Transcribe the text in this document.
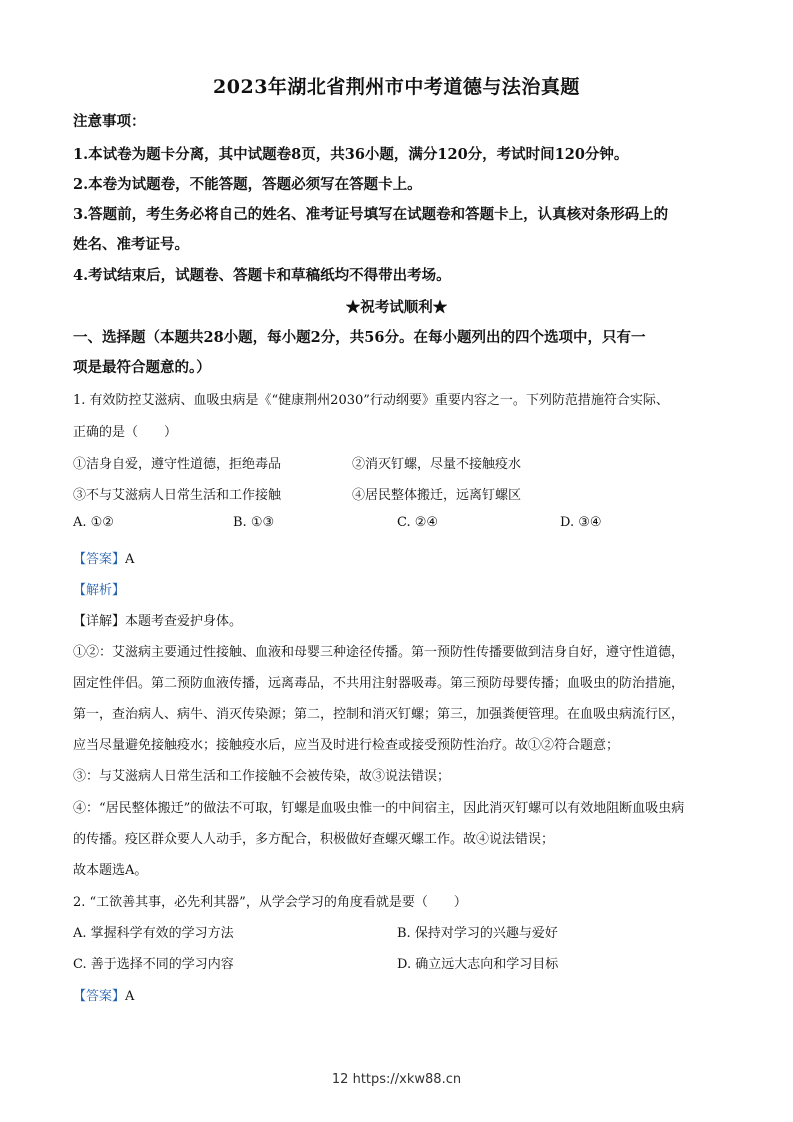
2023年湖北省荆州市中考道德与法治真题
注意事项：
1.本试卷为题卡分离，其中试题卷8页，共36小题，满分120分，考试时间120分钟。
2.本卷为试题卷，不能答题，答题必须写在答题卡上。
3.答题前，考生务必将自己的姓名、准考证号填写在试题卷和答题卡上，认真核对条形码上的
姓名、准考证号。
4.考试结束后，试题卷、答题卡和草稿纸均不得带出考场。
★祝考试顺利★
一、选择题（本题共28小题，每小题2分，共56分。在每小题列出的四个选项中，只有一
项是最符合题意的。）
1. 有效防控艾滋病、血吸虫病是《“健康荆州2030”行动纲要》重要内容之一。下列防范措施符合实际、
正确的是（　　）
①洁身自爱，遵守性道德，拒绝毒品	②消灭钉螺，尽量不接触疫水
③不与艾滋病人日常生活和工作接触	④居民整体搬迁，远离钉螺区
A. ①②	B. ①③	C. ②④	D. ③④
【答案】A
【解析】
【详解】本题考查爱护身体。
①②：艾滋病主要通过性接触、血液和母婴三种途径传播。第一预防性传播要做到洁身自好，遵守性道德，
固定性伴侣。第二预防血液传播，远离毒品，不共用注射器吸毒。第三预防母婴传播；血吸虫的防治措施，
第一，查治病人、病牛、消灭传染源；第二，控制和消灭钉螺；第三，加强粪便管理。在血吸虫病流行区，
应当尽量避免接触疫水；接触疫水后，应当及时进行检查或接受预防性治疗。故①②符合题意；
③：与艾滋病人日常生活和工作接触不会被传染，故③说法错误；
④：“居民整体搬迁”的做法不可取，钉螺是血吸虫惟一的中间宿主，因此消灭钉螺可以有效地阻断血吸虫病
的传播。疫区群众要人人动手，多方配合，积极做好查螺灭螺工作。故④说法错误；
故本题选A。
2. “工欲善其事，必先利其器”，从学会学习的角度看就是要（　　）
A. 掌握科学有效的学习方法	B. 保持对学习的兴趣与爱好
C. 善于选择不同的学习内容	D. 确立远大志向和学习目标
【答案】A
12 https://xkw88.cn
